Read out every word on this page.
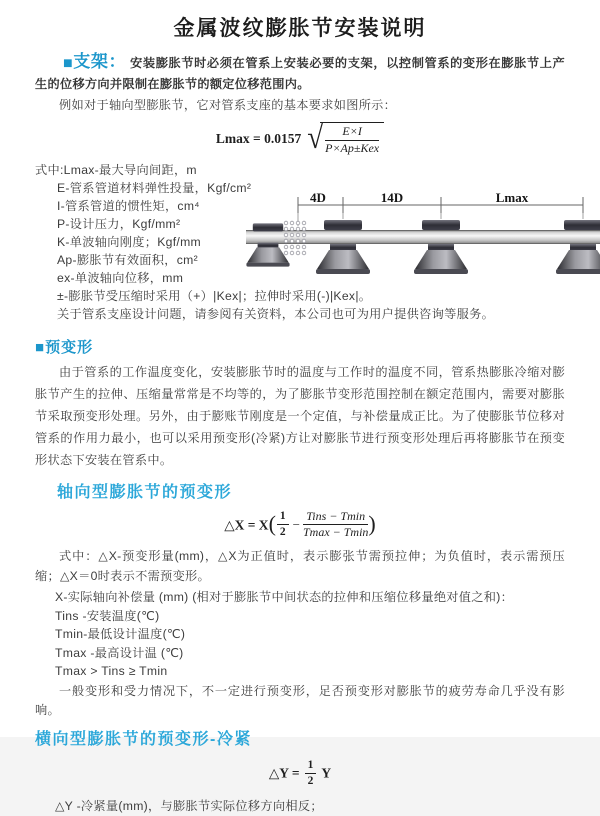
金属波纹膨胀节安装说明

■支架： 安装膨胀节时必须在管系上安装必要的支架，以控制管系的变形在膨胀节上产生的位移方向并限制在膨胀节的额定位移范围内。

例如对于轴向型膨胀节，它对管系支座的基本要求如图所示：

Lmax = 0.0157 √ $\frac{E\times I}{\text{P×Ap±Kex}}$
式中:Lmax-最大导向间距，m
E-管系管道材料弹性投量，Kgf/cm²
I-管系管道的惯性矩，cm⁴
P-设计压力，Kgf/mm²
K-单波轴向刚度；Kgf/mm
Ap-膨胀节有效面积，cm²
ex-单波轴向位移，mm
±-膨胀节受压缩时采用（+）|Kex|；拉伸时采用(-)|Kex|。
关于管系支座设计问题，请参阅有关资料，本公司也可为用户提供咨询等服务。
■预变形

由于管系的工作温度变化，安装膨胀节时的温度与工作时的温度不同，管系热膨胀冷缩对膨胀节产生的拉伸、压缩量常常是不均等的，为了膨胀节变形范围控制在额定范围内，需要对膨胀节采取预变形处理。另外，由于膨账节刚度是一个定值，与补偿量成正比。为了使膨胀节位移对管系的作用力最小，也可以采用预变形(冷紧)方让对膨胀节进行预变形处理后再将膨胀节在预变形状态下安装在管系中。

轴向型膨胀节的预变形
△X = $X( \frac{1}{2} - \frac{\text{Tins − Tmin}}{Tmax - Tmin}$ )

式中：△X-预变形量(mm)，△X为正值时，表示膨张节需预拉伸；为负值时，表示需预压缩；△X＝0时表示不需预变形。

X-实际轴向补偿量 (mm) (相对于膨胀节中间状态的拉伸和压缩位移量绝对值之和)：
Tins -安装温度(℃)
Tmin-最低设计温度(℃)
Tmax -最高设计温 (℃)
Tmax > Tins ≥ Tmin

一般变形和受力情况下，不一定进行预变形，足否预变形对膨胀节的疲劳寿命几乎没有影响。

横向型膨胀节的预变形-冷紧
△Y = $\frac{1}{2}$ Y

△Y -冷紧量(mm)，与膨胀节实际位移方向相反；

4D	14D	Lmax
